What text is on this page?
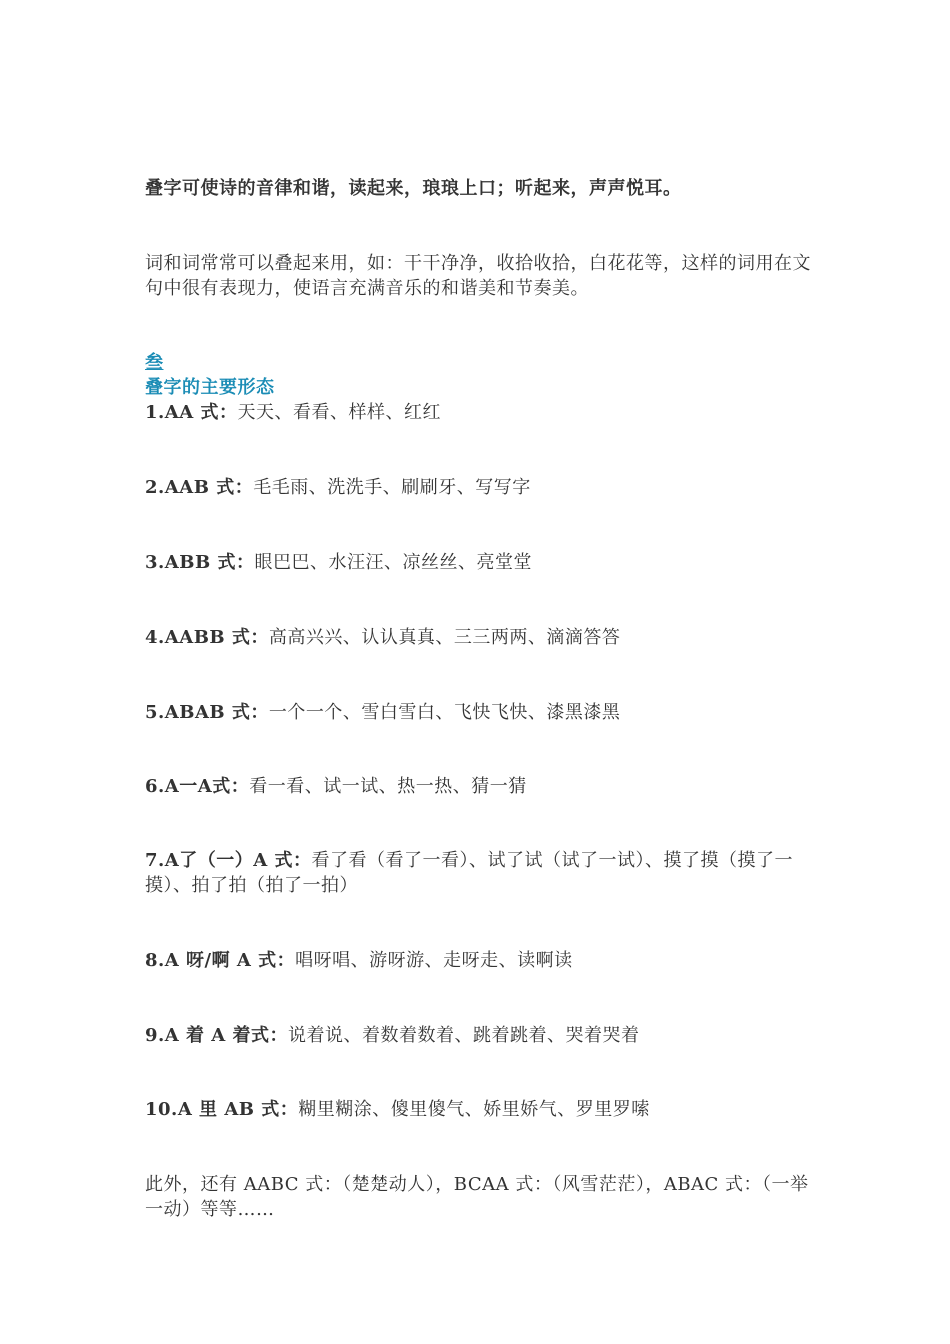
叠字可使诗的音律和谐，读起来，琅琅上口；听起来，声声悦耳。
词和词常常可以叠起来用，如：干干净净，收拾收拾，白花花等，这样的词用在文句中很有表现力，使语言充满音乐的和谐美和节奏美。
叁
叠字的主要形态
1.AA 式：天天、看看、样样、红红
2.AAB 式：毛毛雨、洗洗手、刷刷牙、写写字
3.ABB 式：眼巴巴、水汪汪、凉丝丝、亮堂堂
4.AABB 式：高高兴兴、认认真真、三三两两、滴滴答答
5.ABAB 式：一个一个、雪白雪白、飞快飞快、漆黑漆黑
6.A一A式：看一看、试一试、热一热、猜一猜
7.A了（一）A 式：看了看（看了一看）、试了试（试了一试）、摸了摸（摸了一摸）、拍了拍（拍了一拍）
8.A 呀/啊 A 式：唱呀唱、游呀游、走呀走、读啊读
9.A 着 A 着式：说着说、着数着数着、跳着跳着、哭着哭着
10.A 里 AB 式：糊里糊涂、傻里傻气、娇里娇气、罗里罗嗦
此外，还有 AABC 式：（楚楚动人），BCAA 式：（风雪茫茫），ABAC 式：（一举一动）等等……
